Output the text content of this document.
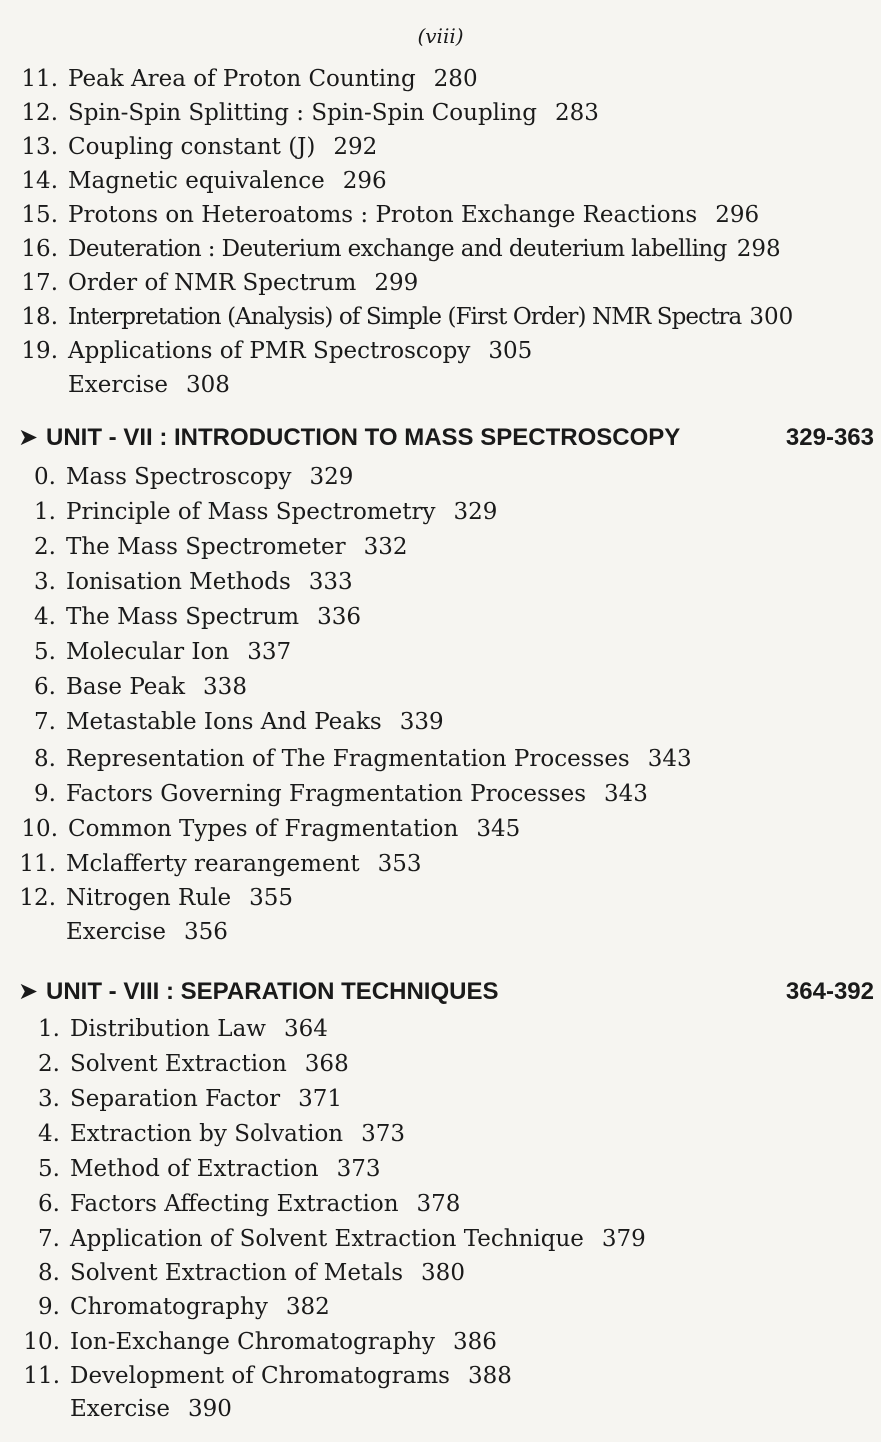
(viii)
11. Peak Area of Proton Counting 280
12. Spin-Spin Splitting : Spin-Spin Coupling 283
13. Coupling constant (J) 292
14. Magnetic equivalence 296
15. Protons on Heteroatoms : Proton Exchange Reactions 296
16. Deuteration : Deuterium exchange and deuterium labelling 298
17. Order of NMR Spectrum 299
18. Interpretation (Analysis) of Simple (First Order) NMR Spectra 300
19. Applications of PMR Spectroscopy 305
Exercise 308
➤ UNIT - VII : INTRODUCTION TO MASS SPECTROSCOPY	329-363
0. Mass Spectroscopy 329
1. Principle of Mass Spectrometry 329
2. The Mass Spectrometer 332
3. Ionisation Methods 333
4. The Mass Spectrum 336
5. Molecular Ion 337
6. Base Peak 338
7. Metastable Ions And Peaks 339
8. Representation of The Fragmentation Processes 343
9. Factors Governing Fragmentation Processes 343
10. Common Types of Fragmentation 345
11. Mclafferty rearangement 353
12. Nitrogen Rule 355
Exercise 356
➤ UNIT - VIII : SEPARATION TECHNIQUES	364-392
1. Distribution Law 364
2. Solvent Extraction 368
3. Separation Factor 371
4. Extraction by Solvation 373
5. Method of Extraction 373
6. Factors Affecting Extraction 378
7. Application of Solvent Extraction Technique 379
8. Solvent Extraction of Metals 380
9. Chromatography 382
10. Ion-Exchange Chromatography 386
11. Development of Chromatograms 388
Exercise 390
